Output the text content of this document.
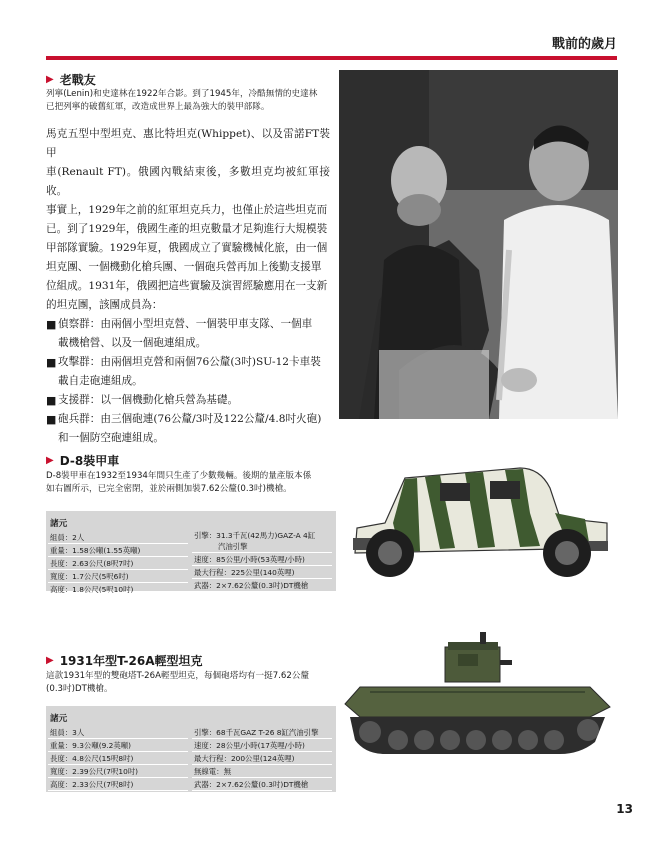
戰前的歲月
▶ 老戰友
列寧(Lenin)和史達林在1922年合影。到了1945年，冷酷無情的史達林
已把列寧的破舊紅軍，改造成世界上最為強大的裝甲部隊。
馬克五型中型坦克、惠比特坦克(Whippet)、以及雷諾FT裝甲
車(Renault FT)。俄國內戰結束後，多數坦克均被紅軍接收。
事實上，1929年之前的紅軍坦克兵力，也僅止於這些坦克而
已。到了1929年，俄國生產的坦克數量才足夠進行大規模裝
甲部隊實驗。1929年夏，俄國成立了實驗機械化旅，由一個
坦克團、一個機動化槍兵團、一個砲兵營再加上後勤支援單
位組成。1931年，俄國把這些實驗及演習經驗應用在一支新
的坦克團，該團成員為：
■ 偵察群：由兩個小型坦克營、一個裝甲車支隊、一個車
載機槍營、以及一個砲連組成。
■ 攻擊群：由兩個坦克營和兩個76公釐(3吋)SU-12卡車裝
載自走砲連組成。
■ 支援群：以一個機動化槍兵營為基礎。
■ 砲兵群：由三個砲連(76公釐/3吋及122公釐/4.8吋火砲)
和一個防空砲連組成。
▶ D-8裝甲車
D-8裝甲車在1932至1934年間只生產了少數幾輛。後期的量產版本係
如右圖所示，已完全密閉，並於兩側加裝7.62公釐(0.3吋)機槍。
諸元
組員：2人
重量：1.58公噸(1.55英噸)
長度：2.63公尺(8呎7吋)
寬度：1.7公尺(5呎6吋)
高度：1.8公尺(5呎10吋)
引擎：31.3千瓦(42馬力)GAZ-A 4缸
汽油引擎
速度：85公里/小時(53英哩/小時)
最大行程：225公里(140英哩)
武器：2×7.62公釐(0.3吋)DT機槍
▶ 1931年型T-26A輕型坦克
這款1931年型的雙砲塔T-26A輕型坦克，每個砲塔均有一挺7.62公釐
(0.3吋)DT機槍。
諸元
組員：3人
重量：9.3公噸(9.2英噸)
長度：4.8公尺(15呎8吋)
寬度：2.39公尺(7呎10吋)
高度：2.33公尺(7呎8吋)
引擎：68千瓦GAZ T-26 8缸汽油引擎
速度：28公里/小時(17英哩/小時)
最大行程：200公里(124英哩)
無線電：無
武器：2×7.62公釐(0.3吋)DT機槍
13
